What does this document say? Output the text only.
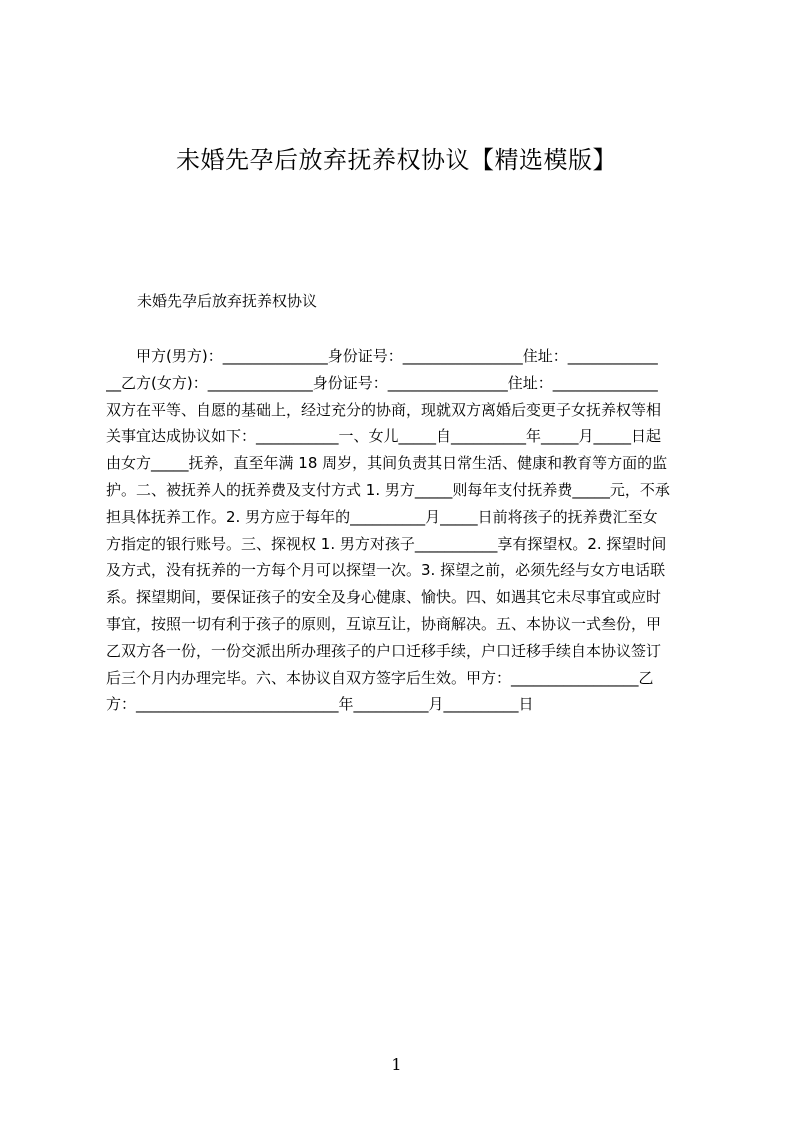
未婚先孕后放弃抚养权协议【精选模版】
未婚先孕后放弃抚养权协议
　　甲方(男方)：______________身份证号：________________住址：____________
__乙方(女方)：______________身份证号：________________住址：______________
双方在平等、自愿的基础上，经过充分的协商，现就双方离婚后变更子女抚养权等相
关事宜达成协议如下：___________一、女儿_____自__________年_____月_____日起
由女方_____抚养，直至年满 18 周岁，其间负责其日常生活、健康和教育等方面的监
护。二、被抚养人的抚养费及支付方式 1. 男方_____则每年支付抚养费_____元，不承
担具体抚养工作。2. 男方应于每年的__________月_____日前将孩子的抚养费汇至女
方指定的银行账号。三、探视权 1. 男方对孩子___________享有探望权。2. 探望时间
及方式，没有抚养的一方每个月可以探望一次。3. 探望之前，必须先经与女方电话联
系。探望期间，要保证孩子的安全及身心健康、愉快。四、如遇其它未尽事宜或应时
事宜，按照一切有利于孩子的原则，互谅互让，协商解决。五、本协议一式叁份，甲
乙双方各一份，一份交派出所办理孩子的户口迁移手续，户口迁移手续自本协议签订
后三个月内办理完毕。六、本协议自双方签字后生效。甲方：_________________乙
方：___________________________年__________月__________日
1
